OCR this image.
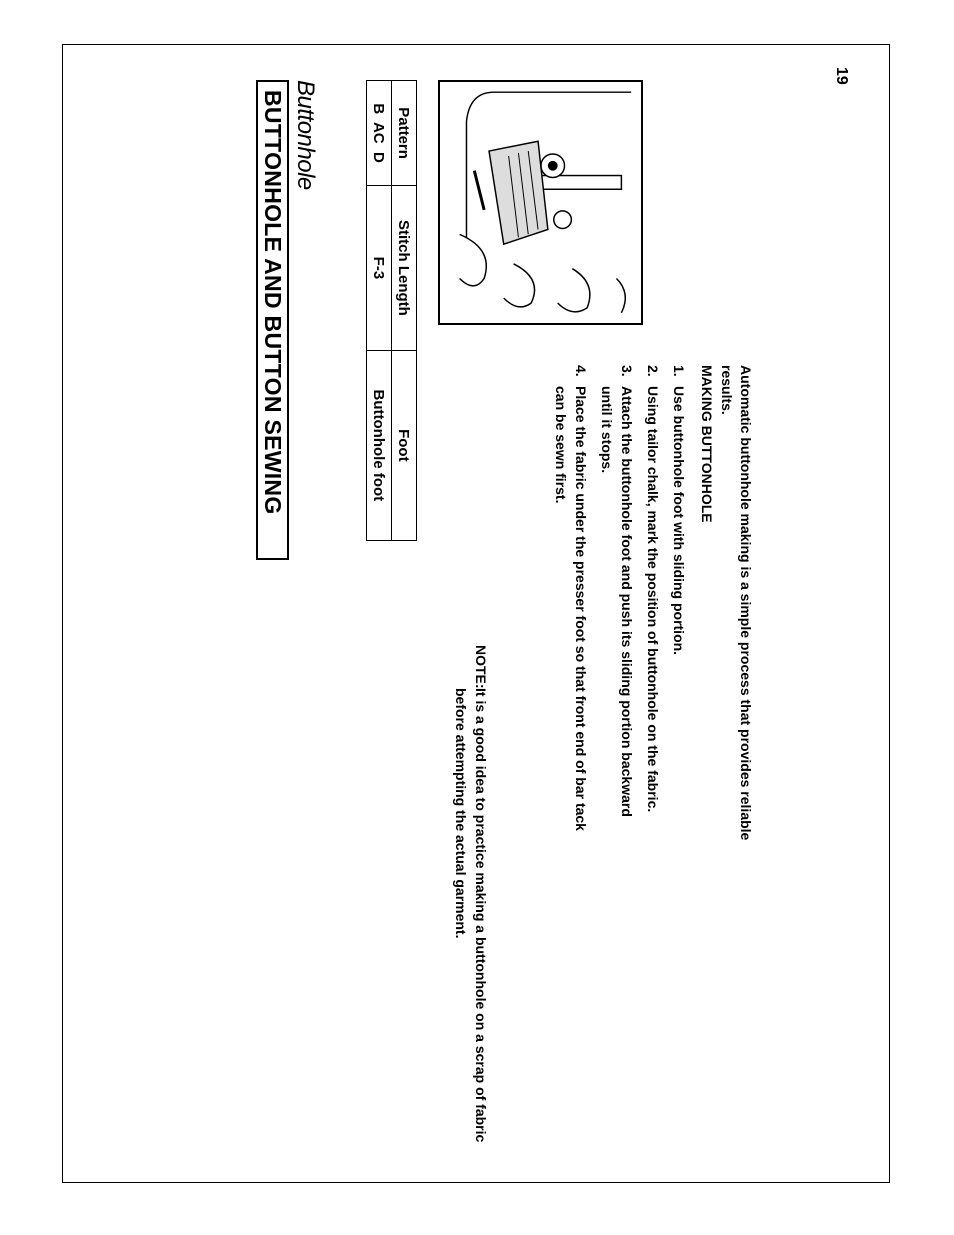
19
BUTTONHOLE AND BUTTON SEWING Buttonhole	Pattern	Stitch Length	Foot
B  AC  D	F-3	Buttonhole foot
NOTE:
It is a good idea to practice making a buttonhole on a scrap of fabric before attempting the actual garment.	Automatic buttonhole making is a simple process that provides reliable results.

MAKING BUTTONHOLE

1.
Use buttonhole foot with sliding portion.
2.
Using tailor chalk, mark the position of buttonhole on the fabric.
3.
Attach the buttonhole foot and push its sliding portion backward until it stops.
4.
Place the fabric under the presser foot so that front end of bar tack can be sewn first.
